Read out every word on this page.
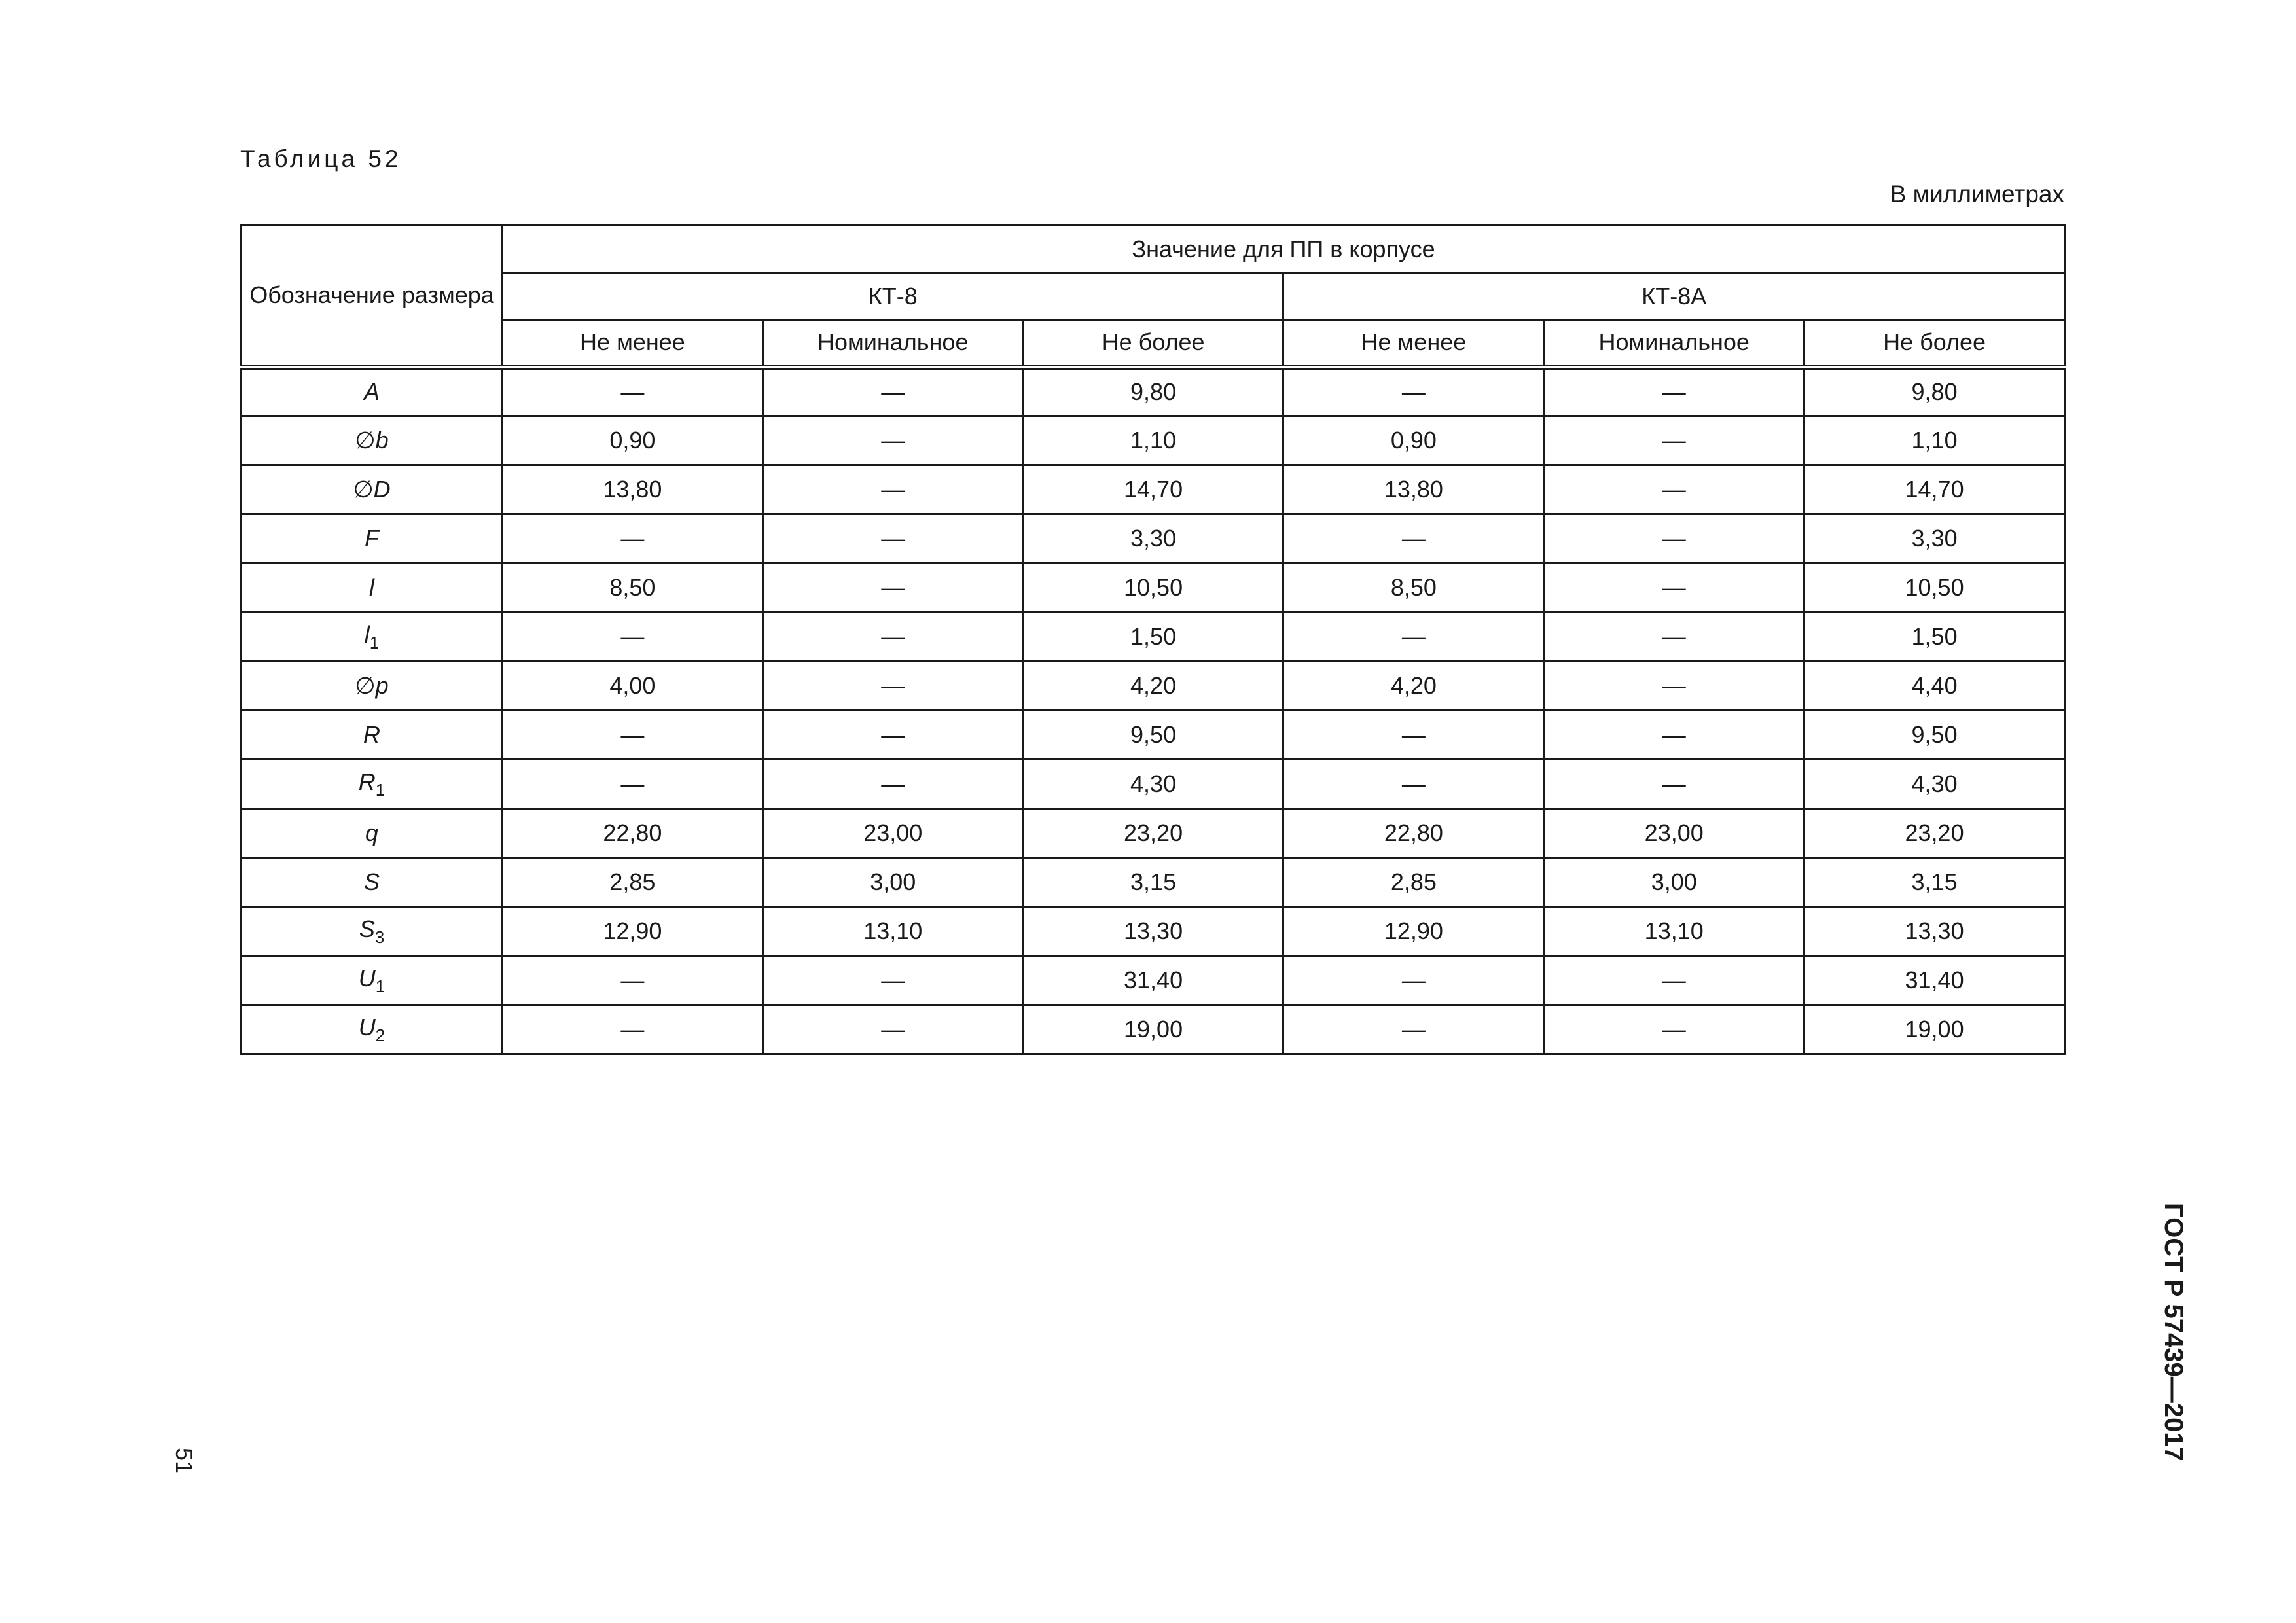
Таблица 52
В миллиметрах
Обозначение размера	Значение для ПП в корпусе					
	КТ-8			КТ-8А		
	Не менее	Номинальное	Не более	Не менее	Номинальное	Не более
A	—	—	9,80	—	—	9,80
∅b	0,90	—	1,10	0,90	—	1,10
∅D	13,80	—	14,70	13,80	—	14,70
F	—	—	3,30	—	—	3,30
l	8,50	—	10,50	8,50	—	10,50
$l_1$	—	—	1,50	—	—	1,50
∅p	4,00	—	4,20	4,20	—	4,40
R	—	—	9,50	—	—	9,50
$R_1$	—	—	4,30	—	—	4,30
q	22,80	23,00	23,20	22,80	23,00	23,20
S	2,85	3,00	3,15	2,85	3,00	3,15
$S_3$	12,90	13,10	13,30	12,90	13,10	13,30
$U_1$	—	—	31,40	—	—	31,40
$U_2$	—	—	19,00	—	—	19,00
51	ГОСТ Р 57439—2017
